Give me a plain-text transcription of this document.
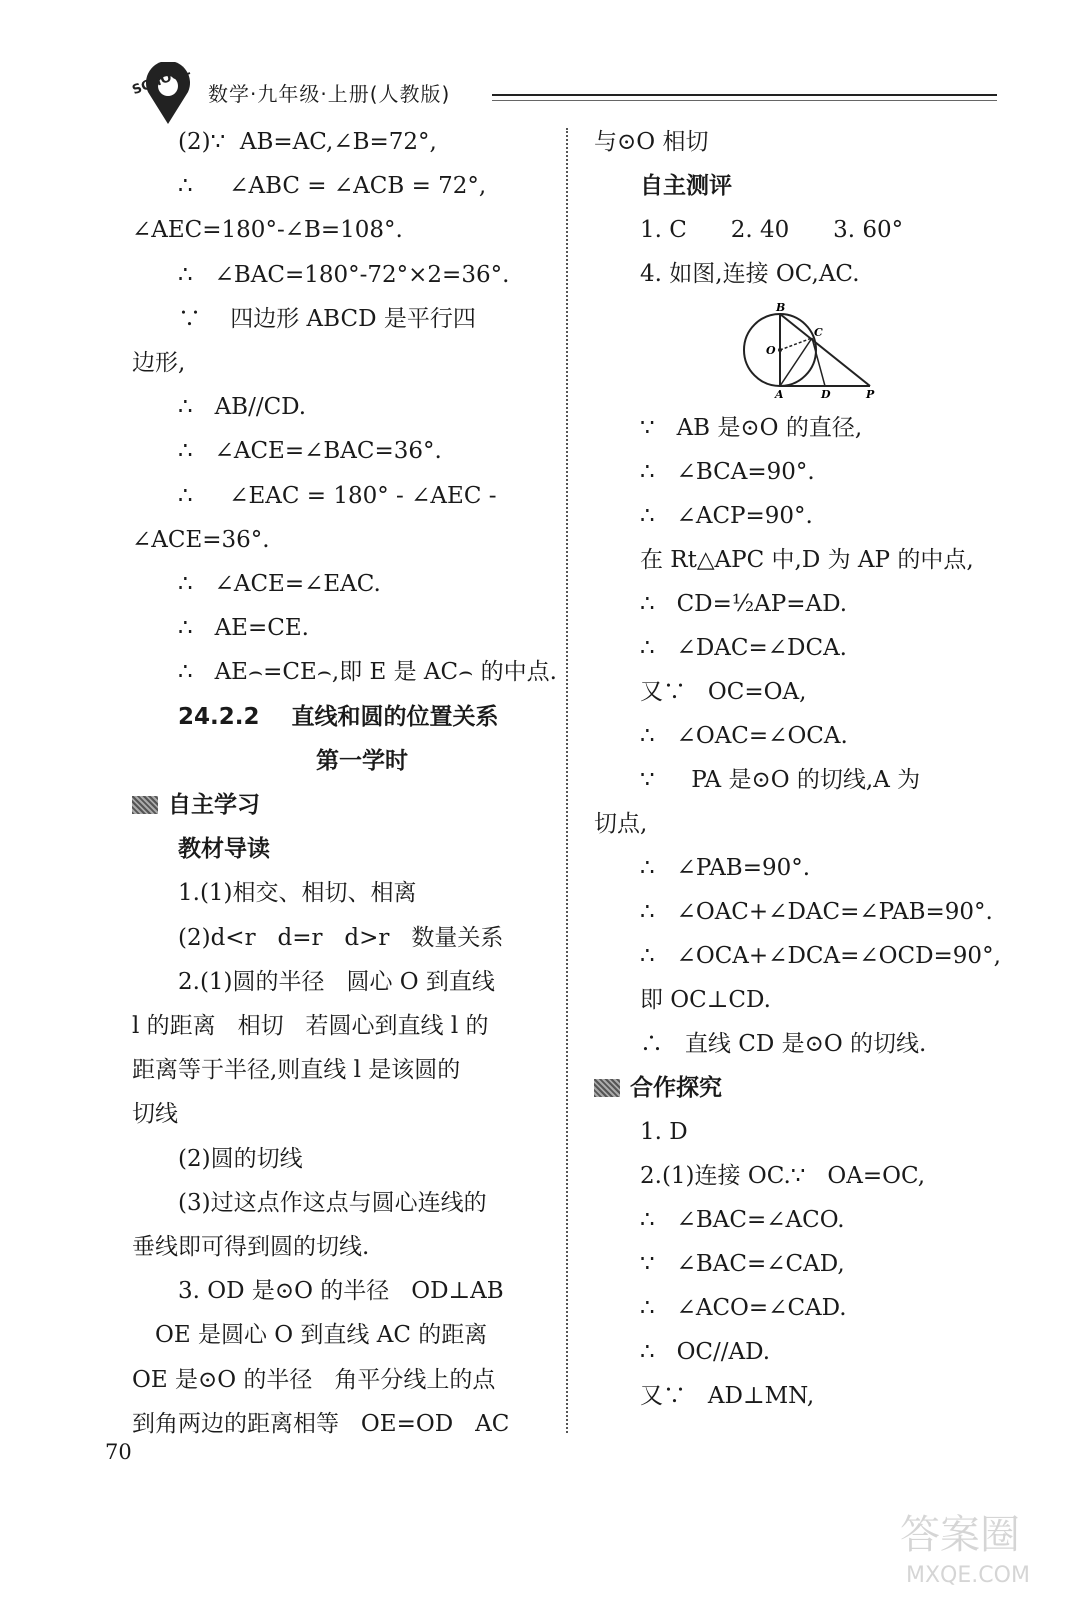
SCHOOL 数学·九年级·上册(人教版)
(2)∵  AB=AC,∠B=72°,
∴     ∠ABC = ∠ACB = 72°,
∠AEC=180°-∠B=108°.
∴   ∠BAC=180°-72°×2=36°.
∵    四边形 ABCD 是平行四
边形,
∴   AB//CD.
∴   ∠ACE=∠BAC=36°.
∴     ∠EAC = 180° - ∠AEC -
∠ACE=36°.
∴   ∠ACE=∠EAC.
∴   AE=CE.
∴   AE⌢=CE⌢,即 E 是 AC⌢ 的中点.
24.2.2    直线和圆的位置关系
第一学时
自主学习
教材导读
1.(1)相交、相切、相离
(2)d<r   d=r   d>r   数量关系
2.(1)圆的半径   圆心 O 到直线
l 的距离   相切   若圆心到直线 l 的
距离等于半径,则直线 l 是该圆的
切线
(2)圆的切线
(3)过这点作这点与圆心连线的
垂线即可得到圆的切线.
3. OD 是⊙O 的半径   OD⊥AB
OE 是圆心 O 到直线 AC 的距离
OE 是⊙O 的半径   角平分线上的点
到角两边的距离相等   OE=OD   AC
与⊙O 相切
自主测评
1. C      2. 40      3. 60°
4. 如图,连接 OC,AC.
∵   AB 是⊙O 的直径,
∴   ∠BCA=90°.
∴   ∠ACP=90°.
在 Rt△APC 中,D 为 AP 的中点,
∴   CD=½AP=AD.
∴   ∠DAC=∠DCA.
又∵   OC=OA,
∴   ∠OAC=∠OCA.
∵     PA 是⊙O 的切线,A 为
切点,
∴   ∠PAB=90°.
∴   ∠OAC+∠DAC=∠PAB=90°.
∴   ∠OCA+∠DCA=∠OCD=90°,
即 OC⊥CD.
∴   直线 CD 是⊙O 的切线.
合作探究
1. D
2.(1)连接 OC.∵   OA=OC,
∴   ∠BAC=∠ACO.
∵   ∠BAC=∠CAD,
∴   ∠ACO=∠CAD.
∴   OC//AD.
又∵   AD⊥MN,
B
C
O
A	D	P
70
答案圈
MXQE.COM
